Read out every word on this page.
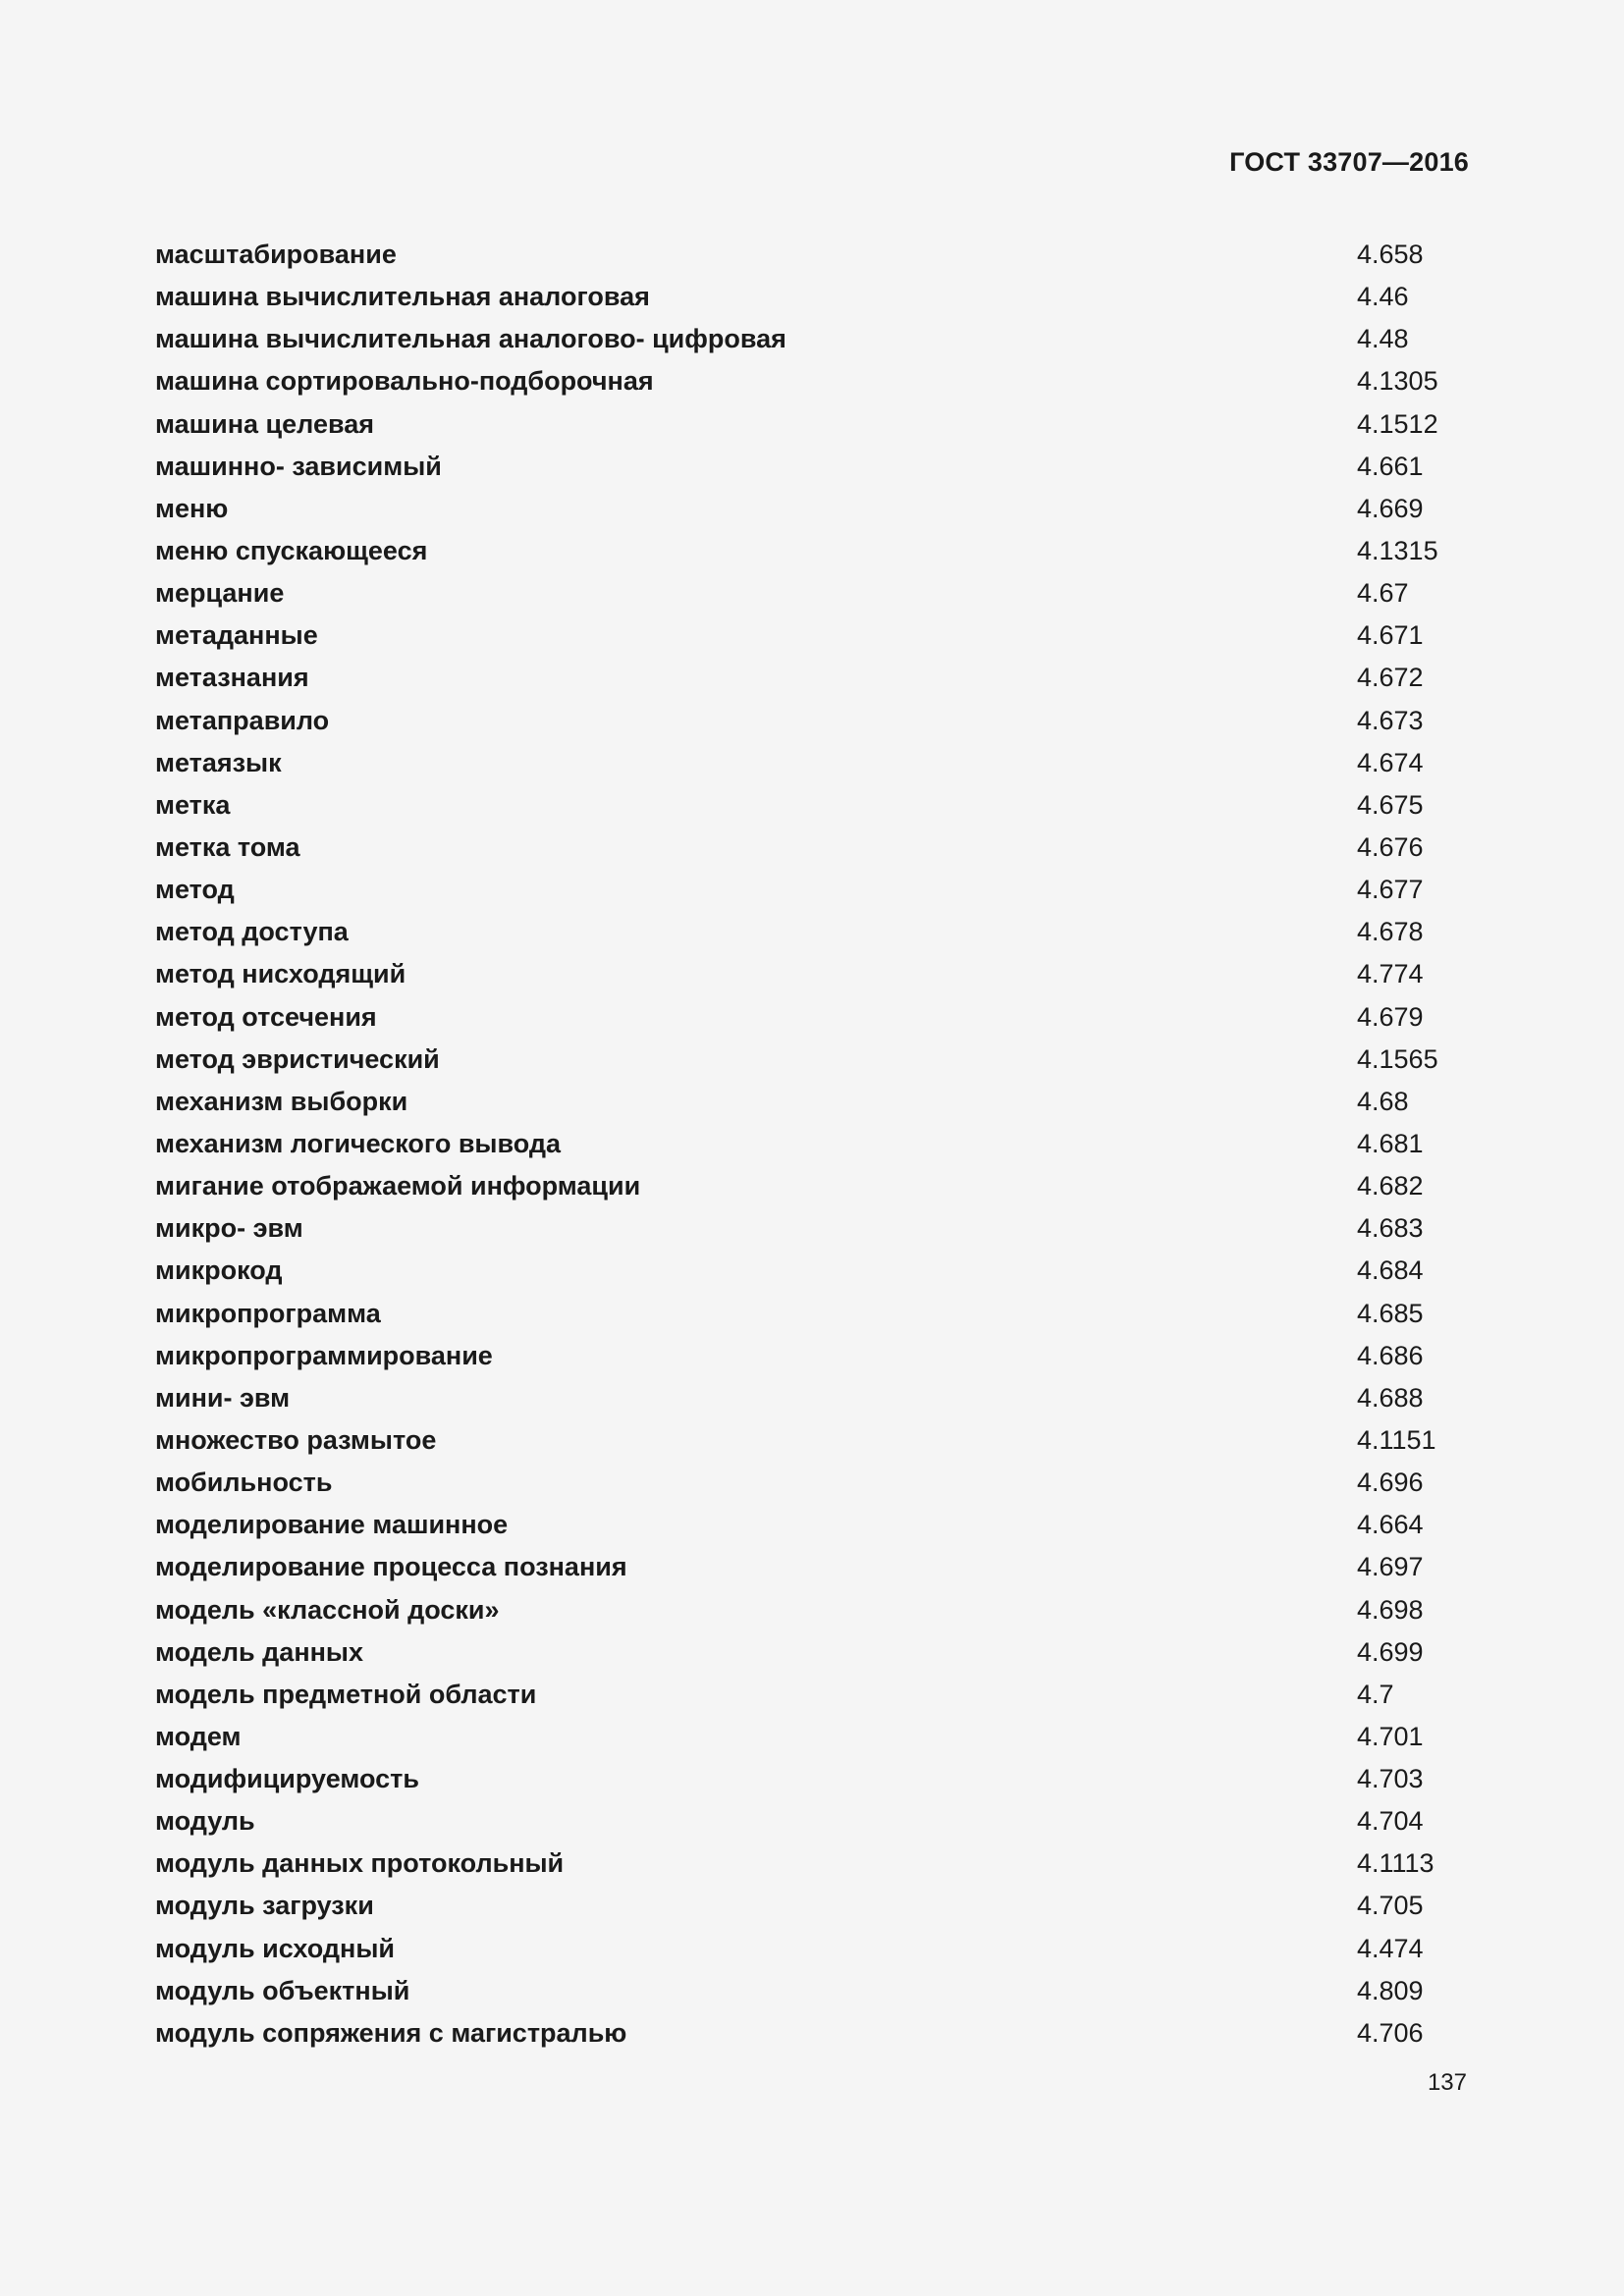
ГОСТ 33707—2016
масштабирование	4.658
машина вычислительная аналоговая	4.46
машина вычислительная аналогово- цифровая	4.48
машина сортировально-подборочная	4.1305
машина целевая	4.1512
машинно- зависимый	4.661
меню	4.669
меню спускающееся	4.1315
мерцание	4.67
метаданные	4.671
метазнания	4.672
метаправило	4.673
метаязык	4.674
метка	4.675
метка тома	4.676
метод	4.677
метод доступа	4.678
метод нисходящий	4.774
метод отсечения	4.679
метод эвристический	4.1565
механизм выборки	4.68
механизм логического вывода	4.681
мигание отображаемой информации	4.682
микро- эвм	4.683
микрокод	4.684
микропрограмма	4.685
микропрограммирование	4.686
мини- эвм	4.688
множество размытое	4.1151
мобильность	4.696
моделирование машинное	4.664
моделирование процесса познания	4.697
модель «классной доски»	4.698
модель данных	4.699
модель предметной области	4.7
модем	4.701
модифицируемость	4.703
модуль	4.704
модуль данных протокольный	4.1113
модуль загрузки	4.705
модуль исходный	4.474
модуль объектный	4.809
модуль сопряжения с магистралью	4.706
137
